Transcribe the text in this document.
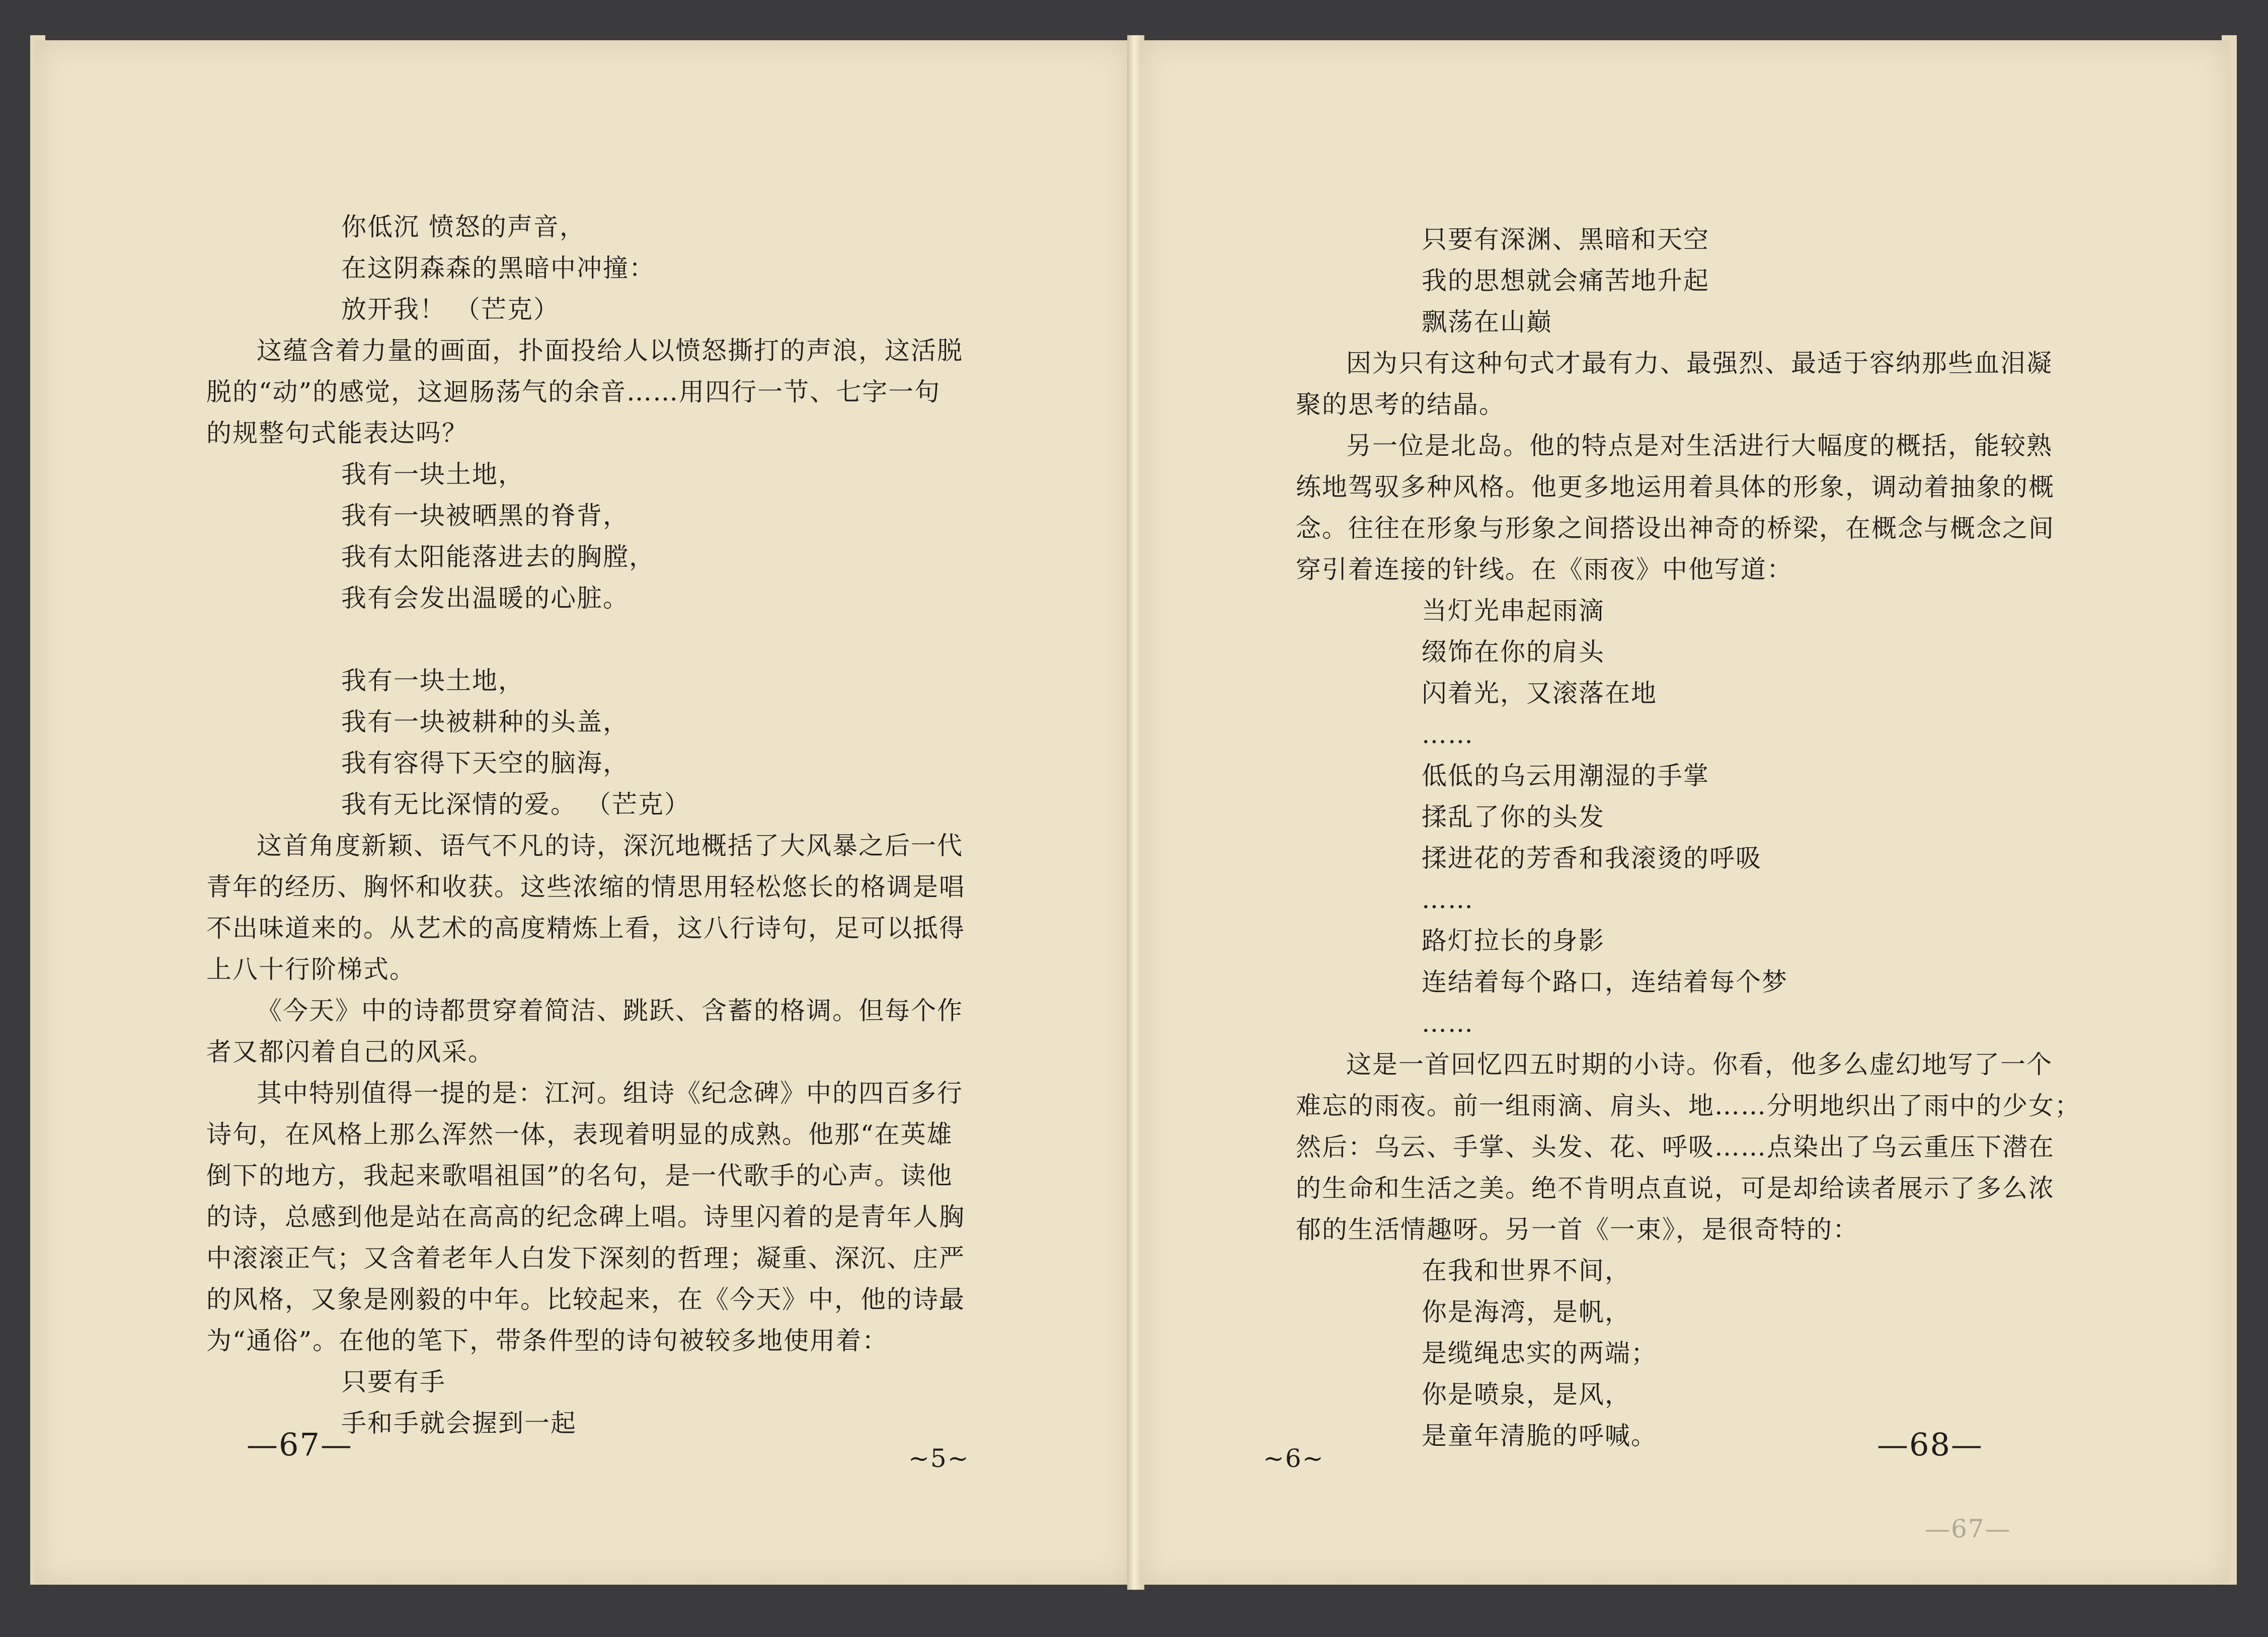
你低沉 愤怒的声音，
在这阴森森的黑暗中冲撞：
放开我！ （芒克）
这蕴含着力量的画面，扑面投给人以愤怒撕打的声浪，这活脱
脱的“动”的感觉，这迴肠荡气的余音……用四行一节、七字一句
的规整句式能表达吗？
我有一块土地，
我有一块被晒黑的脊背，
我有太阳能落进去的胸膛，
我有会发出温暖的心脏。
我有一块土地，
我有一块被耕种的头盖，
我有容得下天空的脑海，
我有无比深情的爱。 （芒克）
这首角度新颖、语气不凡的诗，深沉地概括了大风暴之后一代
青年的经历、胸怀和收获。这些浓缩的情思用轻松悠长的格调是唱
不出味道来的。从艺术的高度精炼上看，这八行诗句，足可以抵得
上八十行阶梯式。
《今天》中的诗都贯穿着简洁、跳跃、含蓄的格调。但每个作
者又都闪着自己的风采。
其中特别值得一提的是：江河。组诗《纪念碑》中的四百多行
诗句，在风格上那么浑然一体，表现着明显的成熟。他那“在英雄
倒下的地方，我起来歌唱祖国”的名句，是一代歌手的心声。读他
的诗，总感到他是站在高高的纪念碑上唱。诗里闪着的是青年人胸
中滚滚正气；又含着老年人白发下深刻的哲理；凝重、深沉、庄严
的风格，又象是刚毅的中年。比较起来，在《今天》中，他的诗最
为“通俗”。在他的笔下，带条件型的诗句被较多地使用着：
只要有手
手和手就会握到一起
—67—	~5~
只要有深渊、黑暗和天空
我的思想就会痛苦地升起
飘荡在山巅
因为只有这种句式才最有力、最强烈、最适于容纳那些血泪凝
聚的思考的结晶。
另一位是北岛。他的特点是对生活进行大幅度的概括，能较熟
练地驾驭多种风格。他更多地运用着具体的形象，调动着抽象的概
念。往往在形象与形象之间搭设出神奇的桥梁，在概念与概念之间
穿引着连接的针线。在《雨夜》中他写道：
当灯光串起雨滴
缀饰在你的肩头
闪着光，又滚落在地
……
低低的乌云用潮湿的手掌
揉乱了你的头发
揉进花的芳香和我滚烫的呼吸
……
路灯拉长的身影
连结着每个路口，连结着每个梦
……
这是一首回忆四五时期的小诗。你看，他多么虚幻地写了一个
难忘的雨夜。前一组雨滴、肩头、地……分明地织出了雨中的少女；
然后：乌云、手掌、头发、花、呼吸……点染出了乌云重压下潜在
的生命和生活之美。绝不肯明点直说，可是却给读者展示了多么浓
郁的生活情趣呀。另一首《一束》，是很奇特的：
在我和世界不间，
你是海湾，是帆，
是缆绳忠实的两端；
你是喷泉，是风，
是童年清脆的呼喊。
~6~	—68—
—67—
